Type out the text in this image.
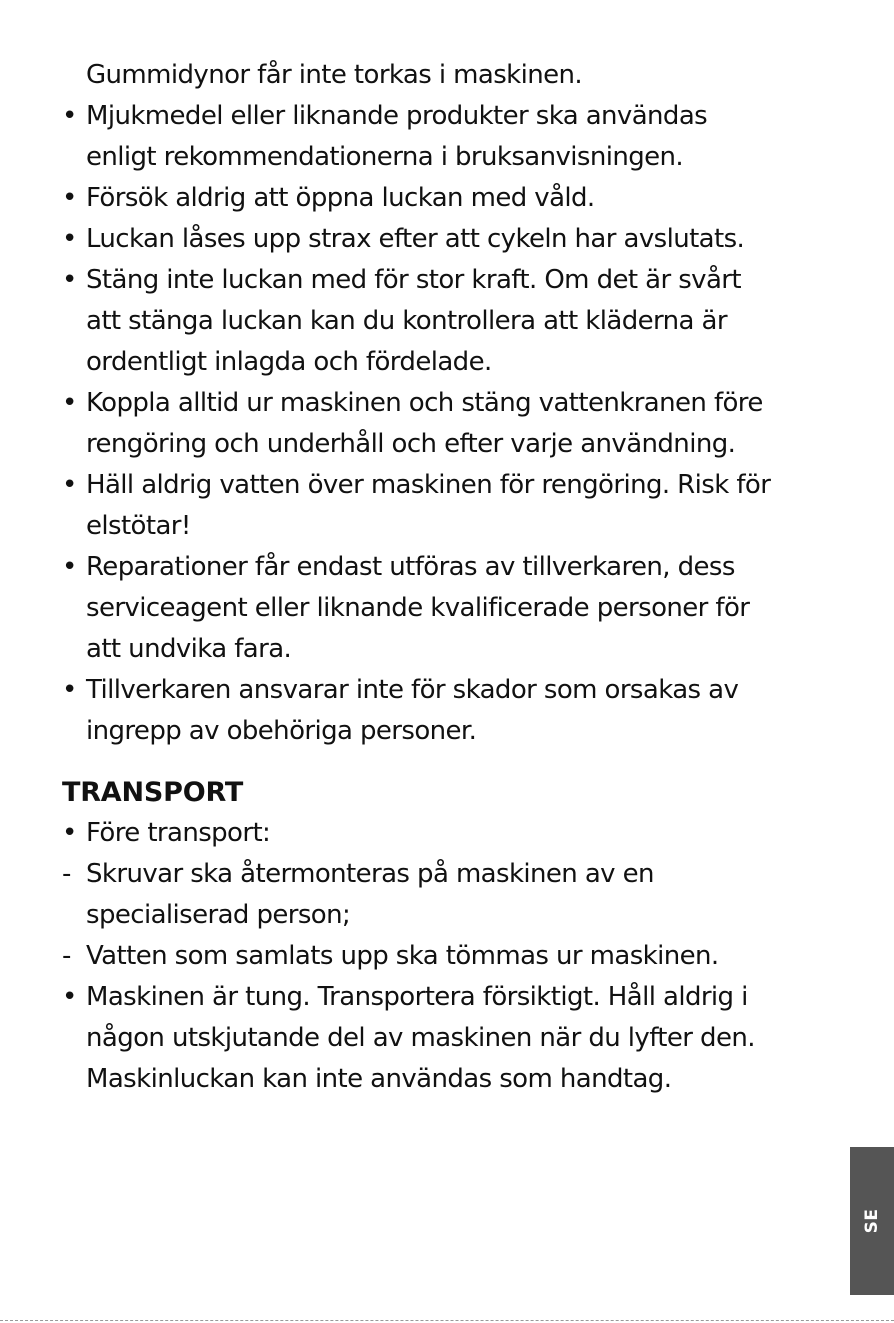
Gummidynor får inte torkas i maskinen.
• Mjukmedel eller liknande produkter ska användas
enligt rekommendationerna i bruksanvisningen.
• Försök aldrig att öppna luckan med våld.
• Luckan låses upp strax efter att cykeln har avslutats.
• Stäng inte luckan med för stor kraft. Om det är svårt
att stänga luckan kan du kontrollera att kläderna är
ordentligt inlagda och fördelade.
• Koppla alltid ur maskinen och stäng vattenkranen före
rengöring och underhåll och efter varje användning.
• Häll aldrig vatten över maskinen för rengöring. Risk för
elstötar!
• Reparationer får endast utföras av tillverkaren, dess
serviceagent eller liknande kvalificerade personer för
att undvika fara.
• Tillverkaren ansvarar inte för skador som orsakas av
ingrepp av obehöriga personer.
TRANSPORT
• Före transport:
- Skruvar ska återmonteras på maskinen av en
specialiserad person;
- Vatten som samlats upp ska tömmas ur maskinen.
• Maskinen är tung. Transportera försiktigt. Håll aldrig i
någon utskjutande del av maskinen när du lyfter den.
Maskinluckan kan inte användas som handtag.
SE
